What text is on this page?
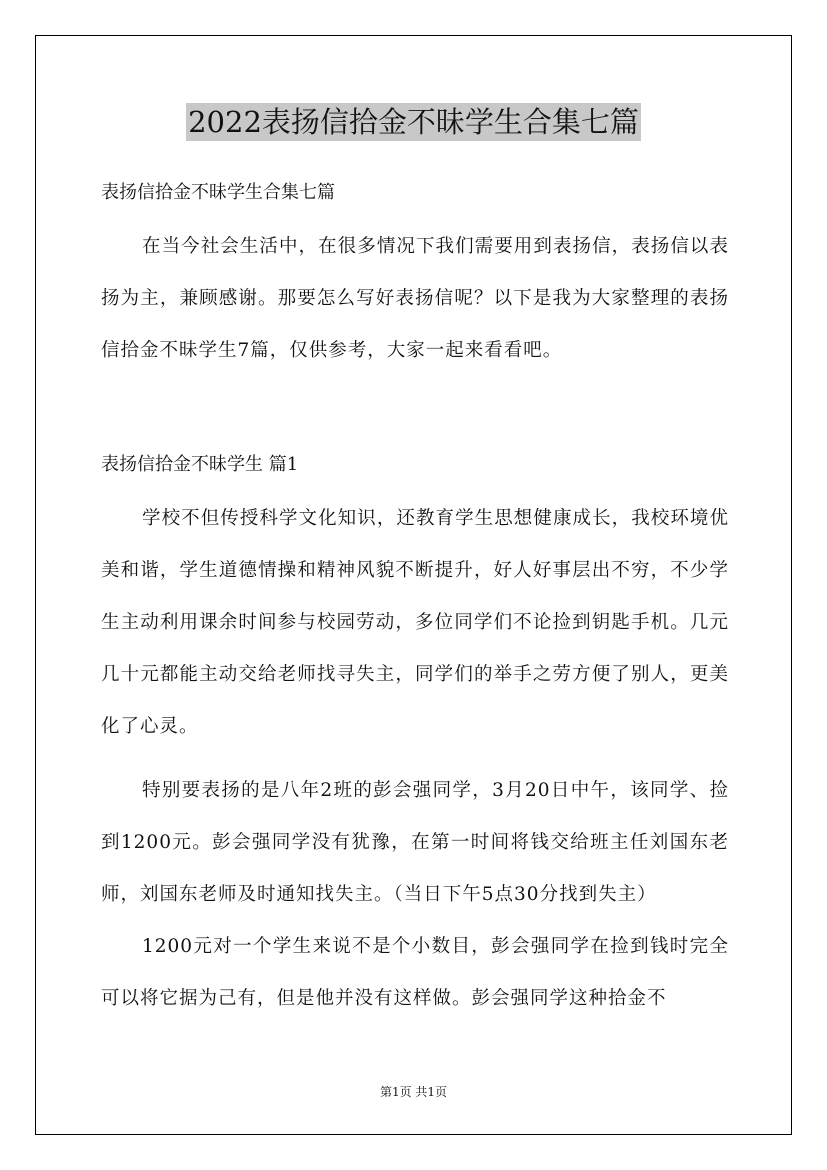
2022表扬信拾金不昧学生合集七篇
表扬信拾金不昧学生合集七篇

在当今社会生活中，在很多情况下我们需要用到表扬信，表扬信以表扬为主，兼顾感谢。那要怎么写好表扬信呢？以下是我为大家整理的表扬信拾金不昧学生7篇，仅供参考，大家一起来看看吧。

表扬信拾金不昧学生 篇1

学校不但传授科学文化知识，还教育学生思想健康成长，我校环境优美和谐，学生道德情操和精神风貌不断提升，好人好事层出不穷，不少学生主动利用课余时间参与校园劳动，多位同学们不论捡到钥匙手机。几元几十元都能主动交给老师找寻失主，同学们的举手之劳方便了别人，更美化了心灵。

特别要表扬的是八年2班的彭会强同学，3月20日中午，该同学、捡到1200元。彭会强同学没有犹豫，在第一时间将钱交给班主任刘国东老师，刘国东老师及时通知找失主。（当日下午5点30分找到失主）

1200元对一个学生来说不是个小数目，彭会强同学在捡到钱时完全可以将它据为己有，但是他并没有这样做。彭会强同学这种拾金不

第1页 共1页
